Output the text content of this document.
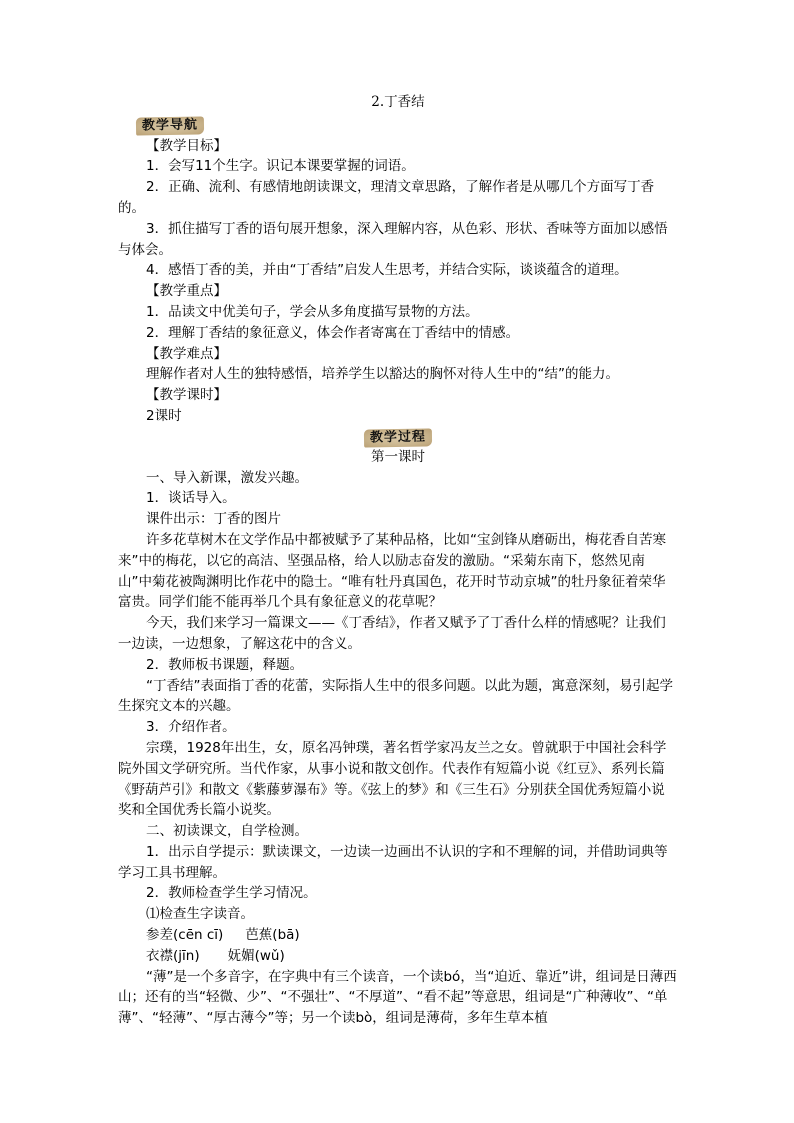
2.丁香结
教学导航

【教学目标】

1．会写11个生字。识记本课要掌握的词语。

2．正确、流利、有感情地朗读课文，理清文章思路，了解作者是从哪几个方面写丁香的。

3．抓住描写丁香的语句展开想象，深入理解内容，从色彩、形状、香味等方面加以感悟与体会。

4．感悟丁香的美，并由“丁香结”启发人生思考，并结合实际，谈谈蕴含的道理。

【教学重点】

1．品读文中优美句子，学会从多角度描写景物的方法。

2．理解丁香结的象征意义，体会作者寄寓在丁香结中的情感。

【教学难点】

理解作者对人生的独特感悟，培养学生以豁达的胸怀对待人生中的“结”的能力。

【教学课时】

2课时

教学过程

第一课时

一、导入新课，激发兴趣。

1．谈话导入。

课件出示：丁香的图片

许多花草树木在文学作品中都被赋予了某种品格，比如“宝剑锋从磨砺出，梅花香自苦寒来”中的梅花，以它的高洁、坚强品格，给人以励志奋发的激励。“采菊东南下，悠然见南山”中菊花被陶渊明比作花中的隐士。“唯有牡丹真国色，花开时节动京城”的牡丹象征着荣华富贵。同学们能不能再举几个具有象征意义的花草呢？

今天，我们来学习一篇课文——《丁香结》，作者又赋予了丁香什么样的情感呢？让我们一边读，一边想象，了解这花中的含义。

2．教师板书课题，释题。

“丁香结”表面指丁香的花蕾，实际指人生中的很多问题。以此为题，寓意深刻，易引起学生探究文本的兴趣。

3．介绍作者。

宗璞，1928年出生，女，原名冯钟璞，著名哲学家冯友兰之女。曾就职于中国社会科学院外国文学研究所。当代作家，从事小说和散文创作。代表作有短篇小说《红豆》、系列长篇《野葫芦引》和散文《紫藤萝瀑布》等。《弦上的梦》和《三生石》分别获全国优秀短篇小说奖和全国优秀长篇小说奖。

二、初读课文，自学检测。

1．出示自学提示：默读课文，一边读一边画出不认识的字和不理解的词，并借助词典等学习工具书理解。

2．教师检查学生学习情况。

⑴检查生字读音。

参差(cēn cī) 芭蕉(bā)

衣襟(jīn) 妩媚(wǔ)

“薄”是一个多音字，在字典中有三个读音，一个读bó，当“迫近、靠近”讲，组词是日薄西山；还有的当“轻微、少”、“不强壮”、“不厚道”、“看不起”等意思，组词是“广种薄收”、“单薄”、“轻薄”、“厚古薄今”等；另一个读bò，组词是薄荷，多年生草本植
